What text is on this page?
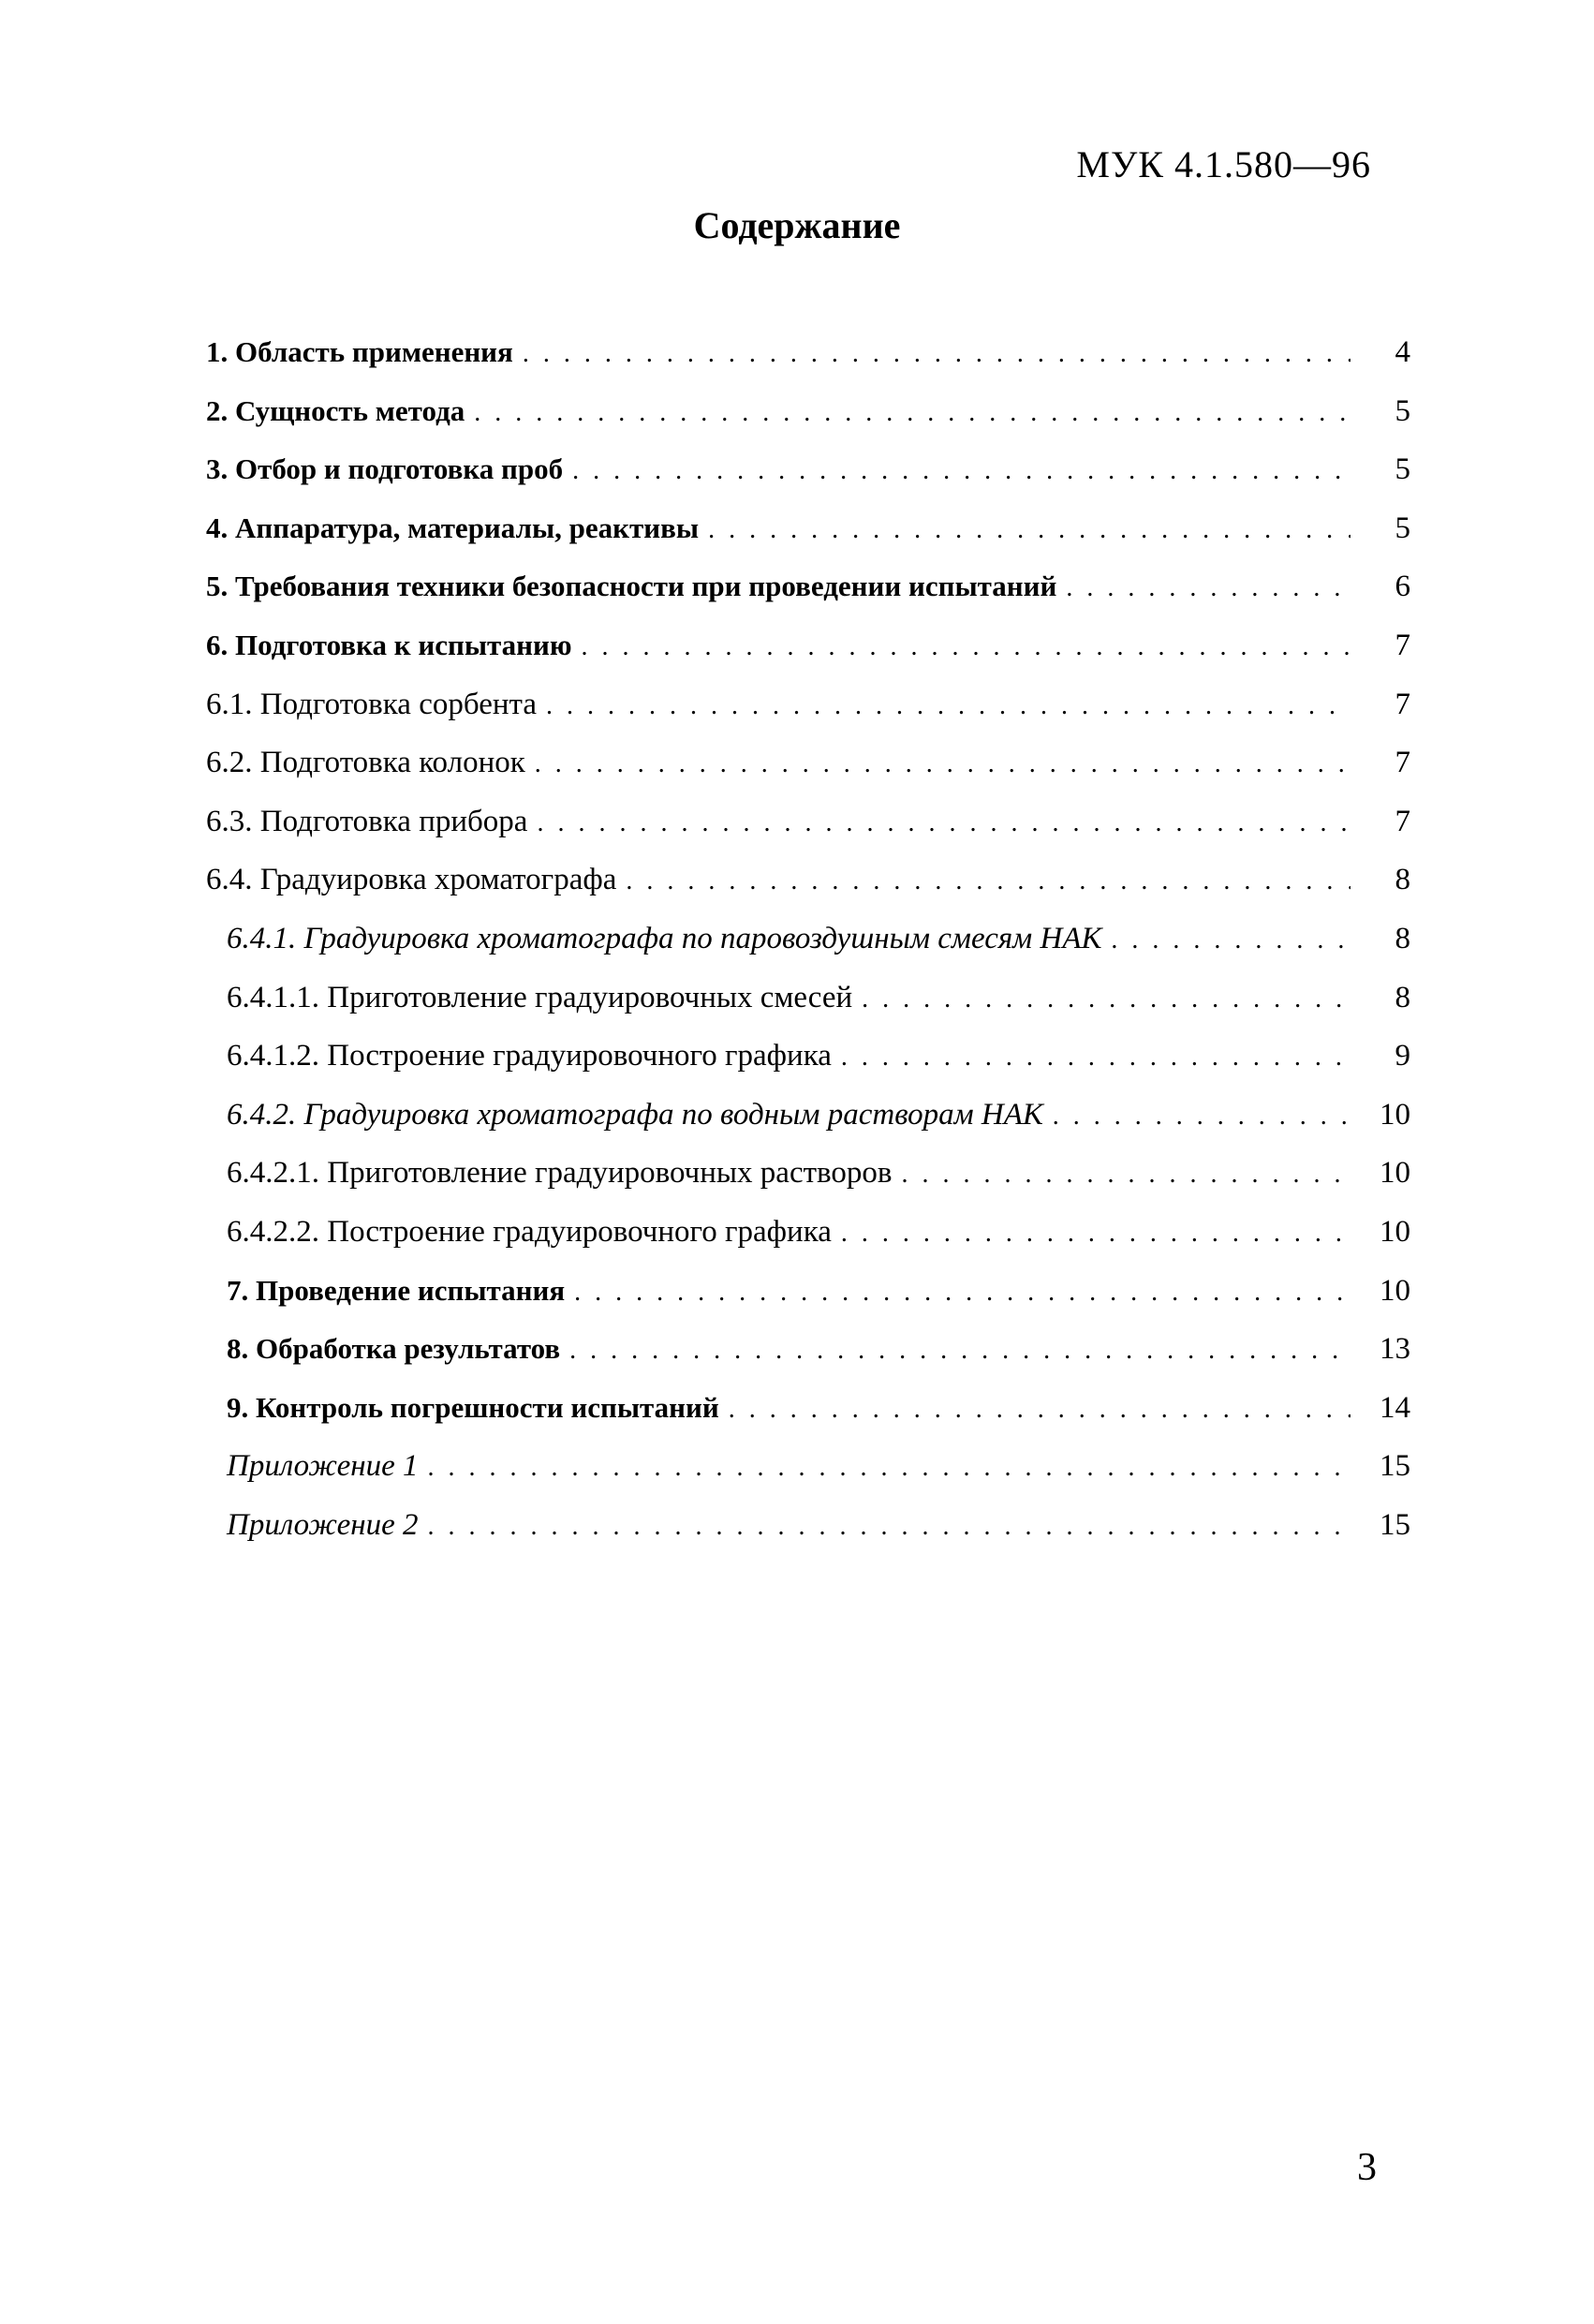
МУК 4.1.580—96
Содержание
1. Область применения . . .	4
2. Сущность метода . . .	5
3. Отбор и подготовка проб . . .	5
4. Аппаратура, материалы, реактивы . . .	5
5. Требования техники безопасности при проведении испытаний . . .	6
6. Подготовка к испытанию . . .	7
6.1. Подготовка сорбента . . .	7
6.2. Подготовка колонок . . .	7
6.3. Подготовка прибора . . .	7
6.4. Градуировка хроматографа . . .	8
6.4.1. Градуировка хроматографа по паровоздушным смесям НАК . . .	8
6.4.1.1. Приготовление градуировочных смесей . . .	8
6.4.1.2. Построение градуировочного графика . . .	9
6.4.2. Градуировка хроматографа по водным растворам НАК . . .	10
6.4.2.1. Приготовление градуировочных растворов . . .	10
6.4.2.2. Построение градуировочного графика . . .	10
7. Проведение испытания . . .	10
8. Обработка результатов . . .	13
9. Контроль погрешности испытаний . . .	14
Приложение 1 . . .	15
Приложение 2 . . .	15
3
